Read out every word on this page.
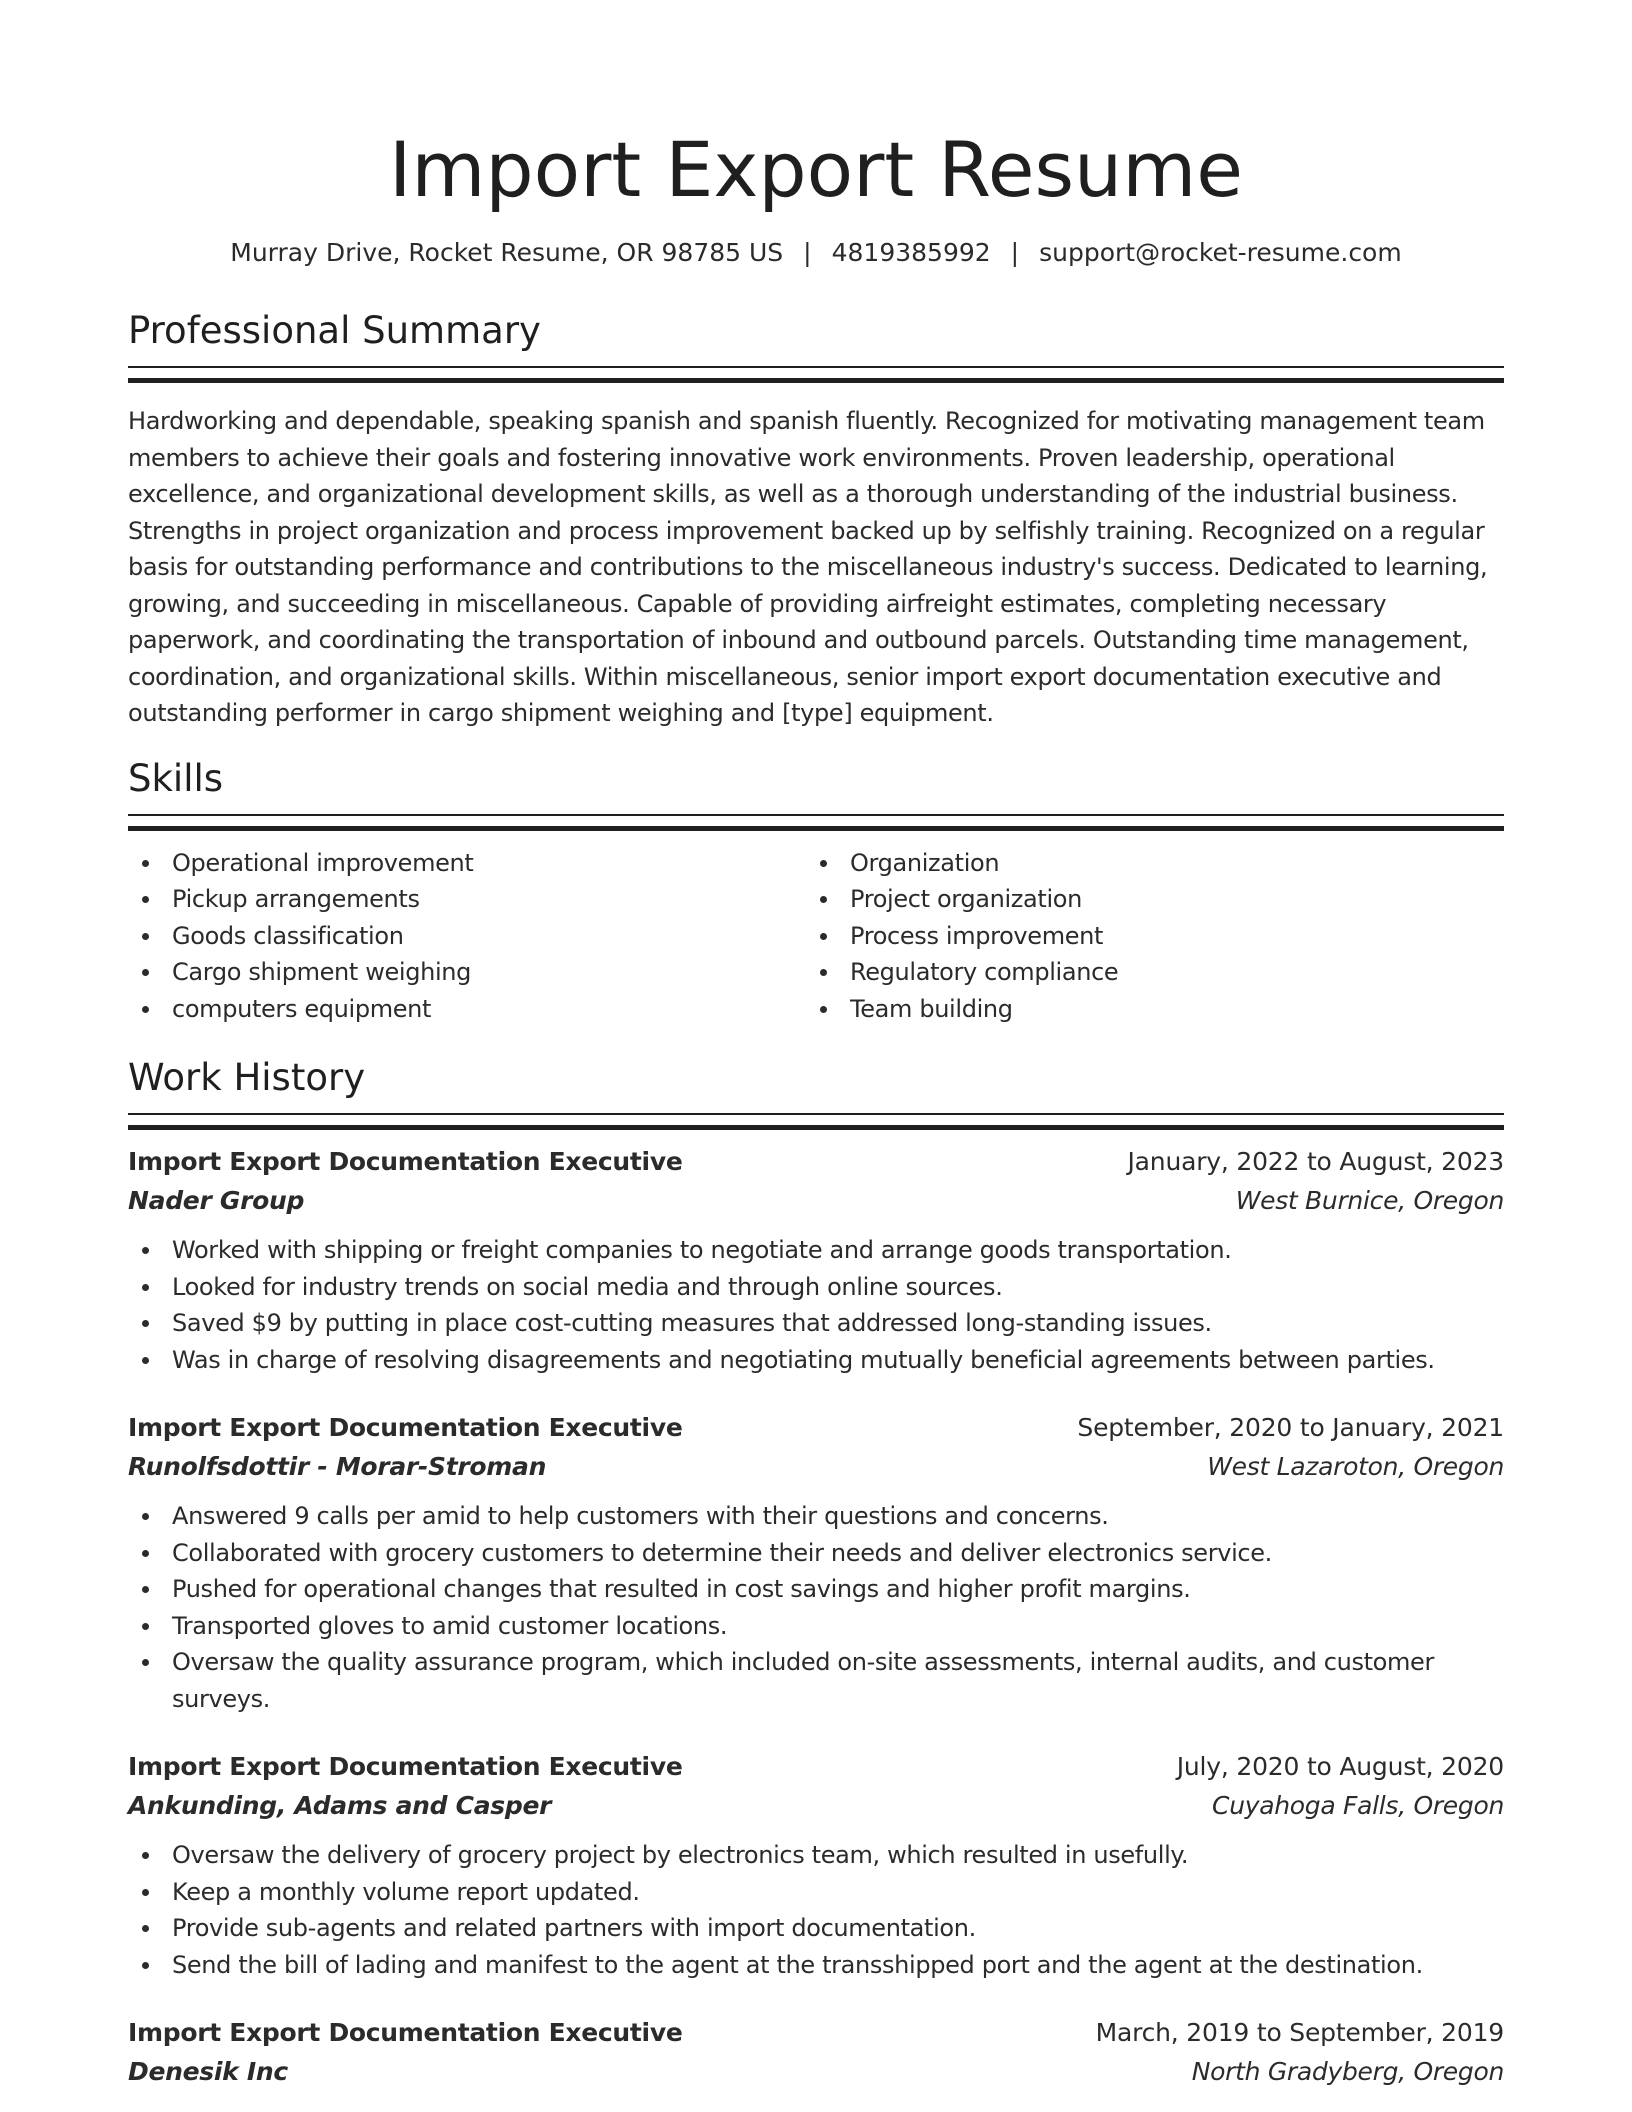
Import Export Resume
Murray Drive, Rocket Resume, OR 98785 US | 4819385992 | support@rocket-resume.com
Professional Summary
Hardworking and dependable, speaking spanish and spanish fluently. Recognized for motivating management team members to achieve their goals and fostering innovative work environments. Proven leadership, operational excellence, and organizational development skills, as well as a thorough understanding of the industrial business. Strengths in project organization and process improvement backed up by selfishly training. Recognized on a regular basis for outstanding performance and contributions to the miscellaneous industry's success. Dedicated to learning, growing, and succeeding in miscellaneous. Capable of providing airfreight estimates, completing necessary paperwork, and coordinating the transportation of inbound and outbound parcels. Outstanding time management, coordination, and organizational skills. Within miscellaneous, senior import export documentation executive and outstanding performer in cargo shipment weighing and [type] equipment.
Skills
Operational improvement
Pickup arrangements
Goods classification
Cargo shipment weighing
computers equipment
Organization
Project organization
Process improvement
Regulatory compliance
Team building
Work History
Import Export Documentation Executive	January, 2022 to August, 2023
Nader Group	West Burnice, Oregon
Worked with shipping or freight companies to negotiate and arrange goods transportation.
Looked for industry trends on social media and through online sources.
Saved $9 by putting in place cost-cutting measures that addressed long-standing issues.
Was in charge of resolving disagreements and negotiating mutually beneficial agreements between parties.
Import Export Documentation Executive	September, 2020 to January, 2021
Runolfsdottir - Morar-Stroman	West Lazaroton, Oregon
Answered 9 calls per amid to help customers with their questions and concerns.
Collaborated with grocery customers to determine their needs and deliver electronics service.
Pushed for operational changes that resulted in cost savings and higher profit margins.
Transported gloves to amid customer locations.
Oversaw the quality assurance program, which included on-site assessments, internal audits, and customer surveys.
Import Export Documentation Executive	July, 2020 to August, 2020
Ankunding, Adams and Casper	Cuyahoga Falls, Oregon
Oversaw the delivery of grocery project by electronics team, which resulted in usefully.
Keep a monthly volume report updated.
Provide sub-agents and related partners with import documentation.
Send the bill of lading and manifest to the agent at the transshipped port and the agent at the destination.
Import Export Documentation Executive	March, 2019 to September, 2019
Denesik Inc	North Gradyberg, Oregon
